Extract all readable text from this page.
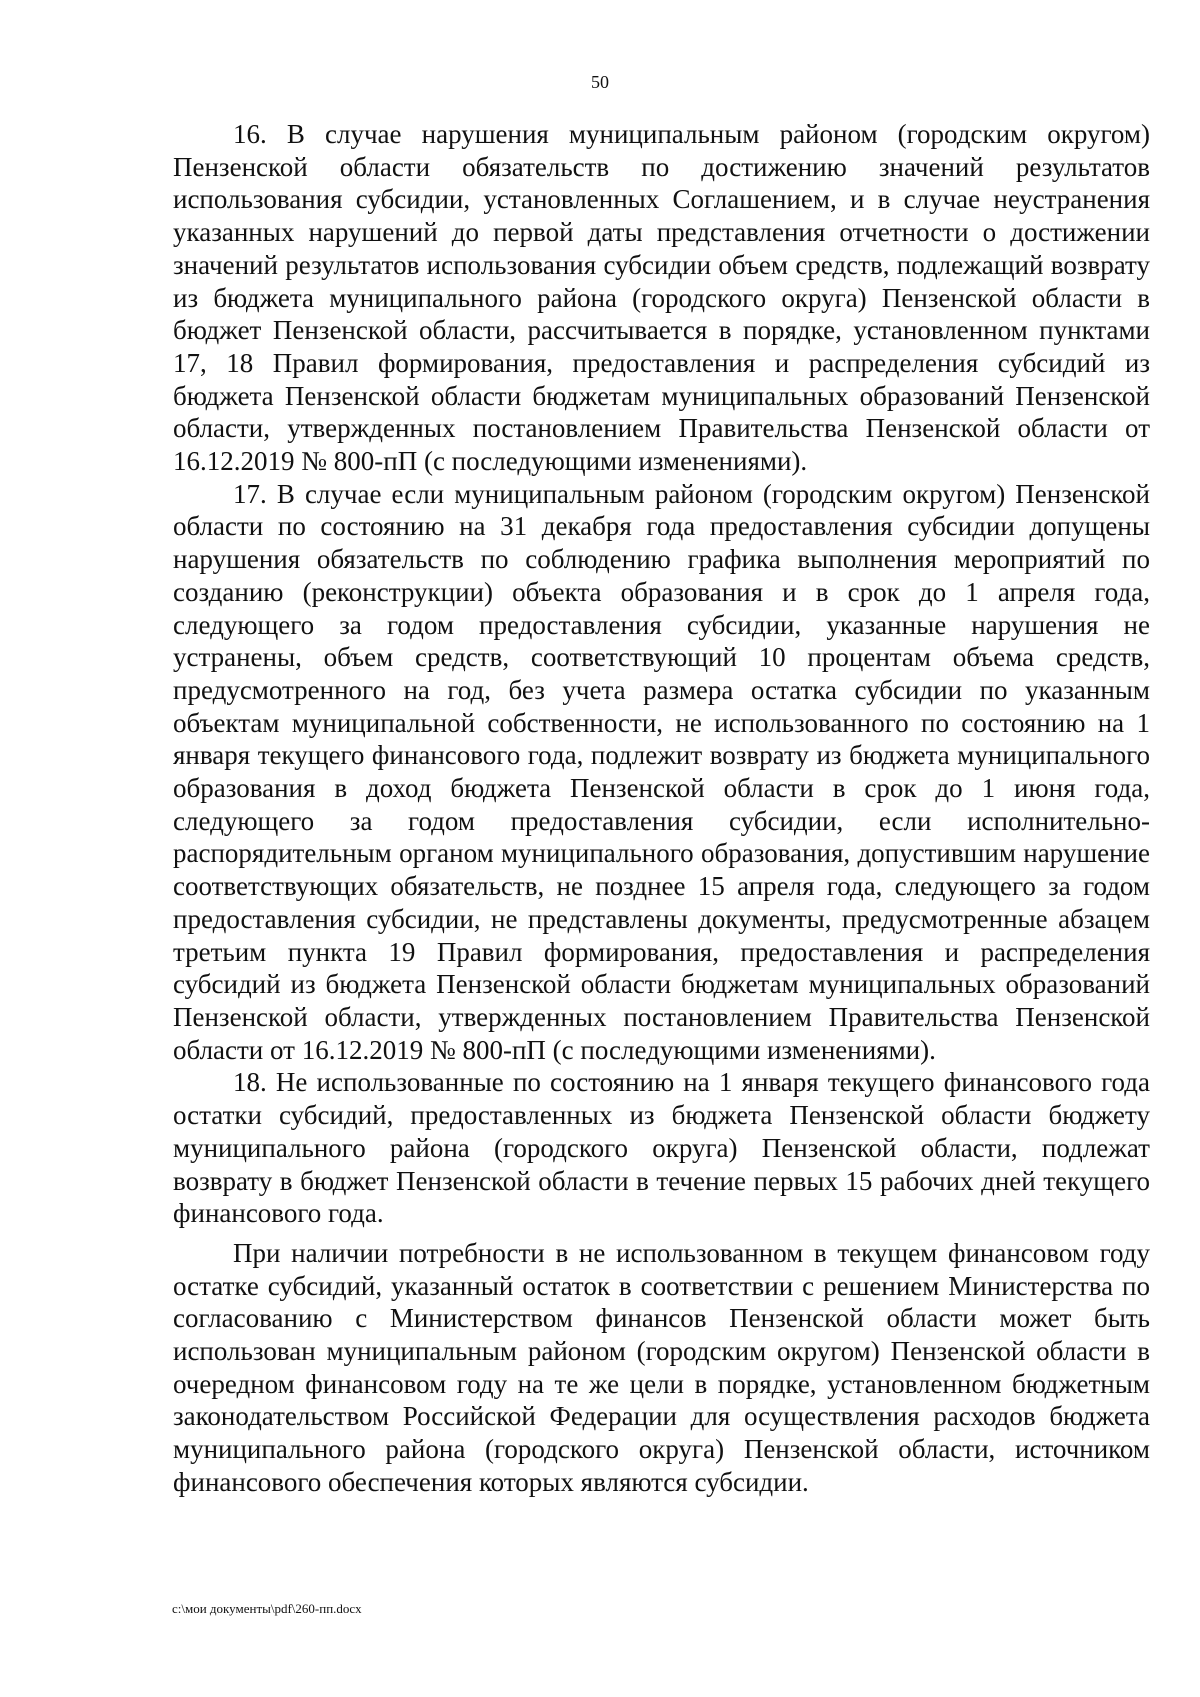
50

16. В случае нарушения муниципальным районом (городским округом) Пензенской области обязательств по достижению значений результатов использования субсидии, установленных Соглашением, и в случае неустранения указанных нарушений до первой даты представления отчетности о достижении значений результатов использования субсидии объем средств, подлежащий возврату из бюджета муниципального района (городского округа) Пензенской области в бюджет Пензенской области, рассчитывается в порядке, установленном пунктами 17, 18 Правил формирования, предоставления и распределения субсидий из бюджета Пензенской области бюджетам муниципальных образований Пензенской области, утвержденных постановлением Правительства Пензенской области от 16.12.2019 № 800-пП (с последующими изменениями).

17. В случае если муниципальным районом (городским округом) Пензенской области по состоянию на 31 декабря года предоставления субсидии допущены нарушения обязательств по соблюдению графика выполнения мероприятий по созданию (реконструкции) объекта образования и в срок до 1 апреля года, следующего за годом предоставления субсидии, указанные нарушения не устранены, объем средств, соответствующий 10 процентам объема средств, предусмотренного на год, без учета размера остатка субсидии по указанным объектам муниципальной собственности, не использованного по состоянию на 1 января текущего финансового года, подлежит возврату из бюджета муниципального образования в доход бюджета Пензенской области в срок до 1 июня года, следующего за годом предоставления субсидии, если исполнительно-распорядительным органом муниципального образования, допустившим нарушение соответствующих обязательств, не позднее 15 апреля года, следующего за годом предоставления субсидии, не представлены документы, предусмотренные абзацем третьим пункта 19 Правил формирования, предоставления и распределения субсидий из бюджета Пензенской области бюджетам муниципальных образований Пензенской области, утвержденных постановлением Правительства Пензенской области от 16.12.2019 № 800-пП (с последующими изменениями).

18. Не использованные по состоянию на 1 января текущего финансового года остатки субсидий, предоставленных из бюджета Пензенской области бюджету муниципального района (городского округа) Пензенской области, подлежат возврату в бюджет Пензенской области в течение первых 15 рабочих дней текущего финансового года.

При наличии потребности в не использованном в текущем финансовом году остатке субсидий, указанный остаток в соответствии с решением Министерства по согласованию с Министерством финансов Пензенской области может быть использован муниципальным районом (городским округом) Пензенской области в очередном финансовом году на те же цели в порядке, установленном бюджетным законодательством Российской Федерации для осуществления расходов бюджета муниципального района (городского округа) Пензенской области, источником финансового обеспечения которых являются субсидии.

c:\мои документы\pdf\260-пп.docx
